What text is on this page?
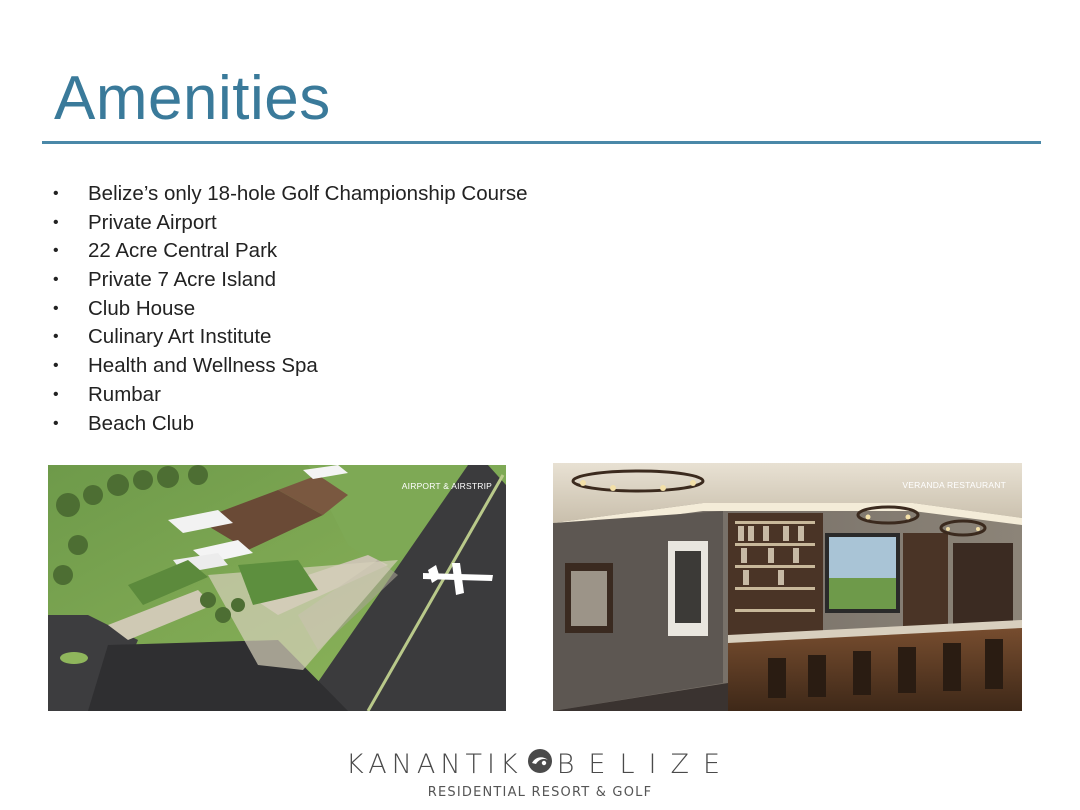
Amenities
• Belize’s only 18-hole Golf Championship Course
• Private Airport
• 22 Acre Central Park
• Private 7 Acre Island
• Club House
• Culinary Art Institute
• Health and Wellness Spa
• Rumbar
• Beach Club
AIRPORT & AIRSTRIP	VERANDA RESTAURANT
KANANTIK BELIZE
RESIDENTIAL RESORT & GOLF
